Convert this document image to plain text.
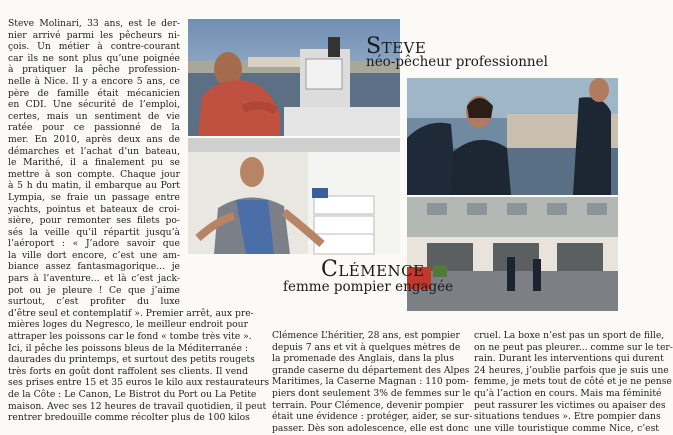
Steve Molinari, 33 ans, est le der-
nier arrivé parmi les pêcheurs ni-
çois. Un métier à contre-courant
car ils ne sont plus qu’une poignée
à pratiquer la pêche profession-
nelle à Nice. Il y a encore 5 ans, ce
père de famille était mécanicien
en CDI. Une sécurité de l’emploi,
certes, mais un sentiment de vie
ratée pour ce passionné de la
mer. En 2010, après deux ans de
démarches et l’achat d’un bateau,
le Marithé, il a finalement pu se
mettre à son compte. Chaque jour
à 5 h du matin, il embarque au Port
Lympia, se fraie un passage entre
yachts, pointus et bateaux de croi-
sière, pour remonter ses filets po-
sés la veille qu’il répartit jusqu’à
l’aéroport : « J’adore savoir que
la ville dort encore, c’est une am-
biance assez fantasmagorique... je
pars à l’aventure... et là c’est jack-
pot ou je pleure ! Ce que j’aime
surtout, c’est profiter du luxe
d’être seul et contemplatif ». Premier arrêt, aux pre-
mières loges du Negresco, le meilleur endroit pour
attraper les poissons car le fond « tombe très vite ».
Ici, il pêche les poissons bleus de la Méditerranée :
daurades du printemps, et surtout des petits rougets
très forts en goût dont raffolent ses clients. Il vend
ses prises entre 15 et 35 euros le kilo aux restaurateurs
de la Côte : Le Canon, Le Bistrot du Port ou La Petite
maison. Avec ses 12 heures de travail quotidien, il peut
rentrer bredouille comme récolter plus de 100 kilos
Steve
néo-pêcheur professionnel
Clémence
femme pompier engagée
Clémence L’héritier, 28 ans, est pompier
depuis 7 ans et vit à quelques mètres de
la promenade des Anglais, dans la plus
grande caserne du département des Alpes
Maritimes, la Caserne Magnan : 110 pom-
piers dont seulement 3% de femmes sur le
terrain. Pour Clémence, devenir pompier
était une évidence : protéger, aider, se sur-
passer. Dès son adolescence, elle est donc
cruel. La boxe n’est pas un sport de fille,
on ne peut pas pleurer... comme sur le ter-
rain. Durant les interventions qui durent
24 heures, j’oublie parfois que je suis une
femme, je mets tout de côté et je ne pense
qu’à l’action en cours. Mais ma féminité
peut rassurer les victimes ou apaiser des
situations tendues ». Etre pompier dans
une ville touristique comme Nice, c’est
